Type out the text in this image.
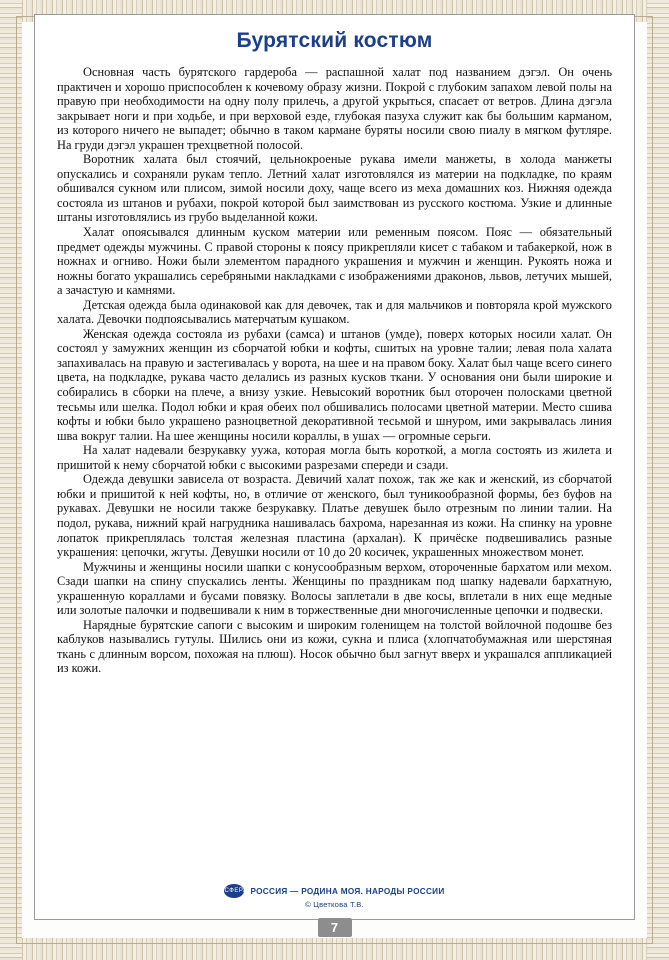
Бурятский костюм

Основная часть бурятского гардероба — распашной халат под названием дэгэл. Он очень практичен и хорошо приспособлен к кочевому образу жизни. Покрой с глубоким запахом левой полы на правую при необходимости на одну полу прилечь, а другой укрыться, спасает от ветров. Длина дэгэла закрывает ноги и при ходьбе, и при верховой езде, глубокая пазуха служит как бы большим карманом, из которого ничего не выпадет; обычно в таком кармане буряты носили свою пиалу в мягком футляре. На груди дэгэл украшен трехцветной полосой.

Воротник халата был стоячий, цельнокроеные рукава имели манжеты, в холода манжеты опускались и сохраняли рукам тепло. Летний халат изготовлялся из материи на подкладке, по краям обшивался сукном или плисом, зимой носили доху, чаще всего из меха домашних коз. Нижняя одежда состояла из штанов и рубахи, покрой которой был заимствован из русского костюма. Узкие и длинные штаны изготовлялись из грубо выделанной кожи.

Халат опоясывался длинным куском материи или ременным поясом. Пояс — обязательный предмет одежды мужчины. С правой стороны к поясу прикрепляли кисет с табаком и табакеркой, нож в ножнах и огниво. Ножи были элементом парадного украшения и мужчин и женщин. Рукоять ножа и ножны богато украшались серебряными накладками с изображениями драконов, львов, летучих мышей, а зачастую и камнями.

Детская одежда была одинаковой как для девочек, так и для мальчиков и повторяла крой мужского халата. Девочки подпоясывались матерчатым кушаком.

Женская одежда состояла из рубахи (самса) и штанов (умде), поверх которых носили халат. Он состоял у замужних женщин из сборчатой юбки и кофты, сшитых на уровне талии; левая пола халата запахивалась на правую и застегивалась у ворота, на шее и на правом боку. Халат был чаще всего синего цвета, на подкладке, рукава часто делались из разных кусков ткани. У основания они были широкие и собирались в сборки на плече, а внизу узкие. Невысокий воротник был оторочен полосками цветной тесьмы или шелка. Подол юбки и края обеих пол обшивались полосами цветной материи. Место сшива кофты и юбки было украшено разноцветной декоративной тесьмой и шнуром, ими закрывалась линия шва вокруг талии. На шее женщины носили кораллы, в ушах — огромные серьги.

На халат надевали безрукавку уужа, которая могла быть короткой, а могла состоять из жилета и пришитой к нему сборчатой юбки с высокими разрезами спереди и сзади.

Одежда девушки зависела от возраста. Девичий халат похож, так же как и женский, из сборчатой юбки и пришитой к ней кофты, но, в отличие от женского, был туникообразной формы, без буфов на рукавах. Девушки не носили также безрукавку. Платье девушек было отрезным по линии талии. На подол, рукава, нижний край нагрудника нашивалась бахрома, нарезанная из кожи. На спинку на уровне лопаток прикреплялась толстая железная пластина (архалан). К причёске подвешивались разные украшения: цепочки, жгуты. Девушки носили от 10 до 20 косичек, украшенных множеством монет.

Мужчины и женщины носили шапки с конусообразным верхом, отороченные бархатом или мехом. Сзади шапки на спину спускались ленты. Женщины по праздникам под шапку надевали бархатную, украшенную кораллами и бусами повязку. Волосы заплетали в две косы, вплетали в них еще медные или золотые палочки и подвешивали к ним в торжественные дни многочисленные цепочки и подвески.

Нарядные бурятские сапоги с высоким и широким голенищем на толстой войлочной подошве без каблуков назывались гутулы. Шились они из кожи, сукна и плиса (хлопчатобумажная или шерстяная ткань с длинным ворсом, похожая на плюш). Носок обычно был загнут вверх и украшался аппликацией из кожи.

СФЕРА РОССИЯ — РОДИНА МОЯ. НАРОДЫ РОССИИ
© Цветкова Т.В.
7
